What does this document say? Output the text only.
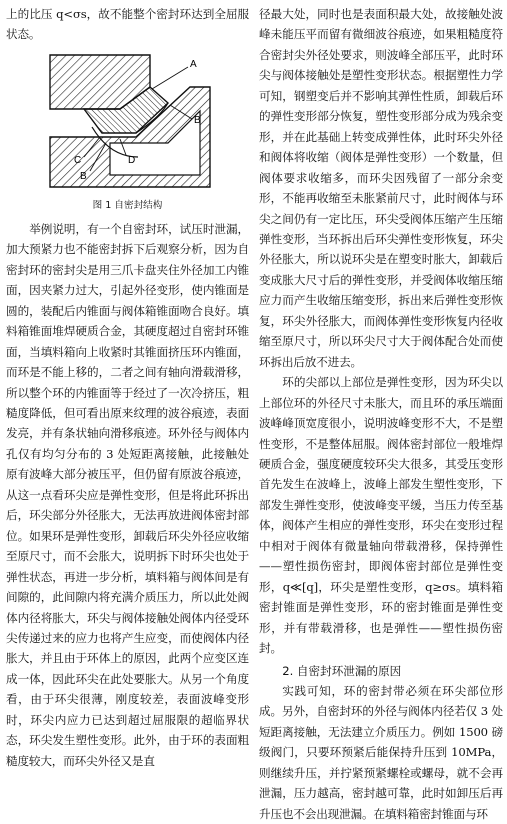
上的比压 q<σs，故不能整个密封环达到全屈服状态。

A
B
C	D
B
图 1 自密封结构

举例说明，有一个自密封环，试压时泄漏，加大预紧力也不能密封拆下后观察分析，因为自密封环的密封尖是用三爪卡盘夹住外径加工内锥面，因夹紧力过大，引起外径变形，使内锥面是圆的，装配后内锥面与阀体箱锥面吻合良好。填料箱锥面堆焊硬质合金，其硬度超过自密封环锥面，当填料箱向上收紧时其锥面挤压环内锥面，而环是不能上移的，二者之间有轴向滑载滑移，所以整个环的内锥面等于经过了一次冷挤压，粗糙度降低，但可看出原来纹理的波谷痕迹，表面发亮，并有条状轴向滑移痕迹。环外径与阀体内孔仅有均匀分布的 3 处短距离接触，此接触处原有波峰大部分被压平，但仍留有原波谷痕迹，从这一点看环尖应是弹性变形，但是将此环拆出后，环尖部分外径胀大，无法再放进阀体密封部位。如果环是弹性变形，卸载后环尖外径应收缩至原尺寸，而不会胀大，说明拆下时环尖也处于弹性状态，再进一步分析，填料箱与阀体间是有间隙的，此间隙内将充满介质压力，所以此处阀体内径将胀大，环尖与阀体接触处阀体内径受环尖传递过来的应力也将产生应变，而使阀体内径胀大，并且由于环体上的原因，此两个应变区连成一体，因此环尖在此处要胀大。从另一个角度看，由于环尖很薄，刚度较差，表面波峰变形时，环尖内应力已达到超过屈服限的超临界状态，环尖发生塑性变形。此外，由于环的表面粗糙度较大，而环尖外径又是直

径最大处，同时也是表面积最大处，故接触处波峰未能压平而留有微细波谷痕迹，如果粗糙度符合密封尖外径处要求，则波峰全部压平，此时环尖与阀体接触处是塑性变形状态。根据塑性力学可知，钢塑变后并不影响其弹性性质，卸载后环的弹性变形部分恢复，塑性变形部分成为残余变形，并在此基础上转变成弹性体，此时环尖外径和阀体将收缩（阀体是弹性变形）一个数量，但阀体要求收缩多，而环尖因残留了一部分余变形，不能再收缩至未胀紧前尺寸，此时阀体与环尖之间仍有一定比压，环尖受阀体压缩产生压缩弹性变形，当环拆出后环尖弹性变形恢复，环尖外径胀大，所以说环尖是在塑变时胀大，卸载后变成胀大尺寸后的弹性变形，并受阀体收缩压缩应力而产生收缩压缩变形，拆出来后弹性变形恢复，环尖外径胀大，而阀体弹性变形恢复内径收缩至原尺寸，所以环尖尺寸大于阀体配合处而使环拆出后放不进去。

环的尖部以上部位是弹性变形，因为环尖以上部位环的外径尺寸未胀大，而且环的承压端面波峰峰顶宽度很小，说明波峰变形不大，不是塑性变形，不是整体屈服。阀体密封部位一般堆焊硬质合金，强度硬度较环尖大很多，其受压变形首先发生在波峰上，波峰上部发生塑性变形，下部发生弹性变形，使波峰变平缓，当压力传至基体，阀体产生相应的弹性变形，环尖在变形过程中相对于阀体有微量轴向带载滑移，保持弹性——塑性损伤密封，即阀体密封部位是弹性变形，q≪[q]，环尖是塑性变形，q≥σs。填料箱密封锥面是弹性变形，环的密封锥面是弹性变形，并有带载滑移，也是弹性——塑性损伤密封。

2. 自密封环泄漏的原因

实践可知，环的密封带必须在环尖部位形成。另外，自密封环的外径与阀体内径若仅 3 处短距离接触，无法建立介质压力。例如 1500 磅级阀门，只要环预紧后能保持升压到 10MPa，则继续升压，并拧紧预紧螺栓或螺母，就不会再泄漏，压力越高，密封越可靠，此时如卸压后再升压也不会出现泄漏。在填料箱密封锥面与环
